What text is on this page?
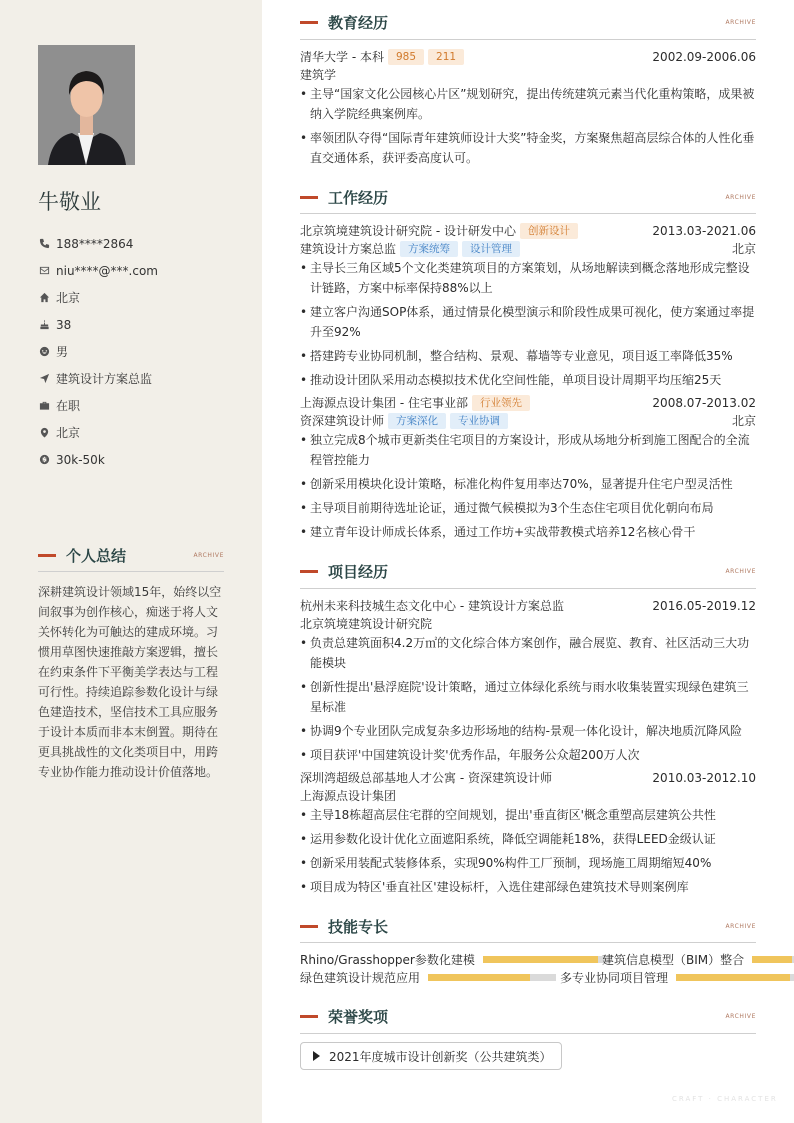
牛敬业
188****2864
niu****@***.com
北京
38
男
建筑设计方案总监
在职
北京
30k-50k
个人总结	ARCHIVE
深耕建筑设计领域15年，始终以空间叙事为创作核心，痴迷于将人文关怀转化为可触达的建成环境。习惯用草图快速推敲方案逻辑，擅长在约束条件下平衡美学表达与工程可行性。持续追踪参数化设计与绿色建造技术，坚信技术工具应服务于设计本质而非本末倒置。期待在更具挑战性的文化类项目中，用跨专业协作能力推动设计价值落地。
教育经历	ARCHIVE
清华大学 - 本科	985	211	2002.09-2006.06
建筑学
• 主导“国家文化公园核心片区”规划研究，提出传统建筑元素当代化重构策略，成果被纳入学院经典案例库。
• 率领团队夺得“国际青年建筑师设计大奖”特金奖，方案聚焦超高层综合体的人性化垂直交通体系，获评委高度认可。
工作经历	ARCHIVE
北京筑境建筑设计研究院 - 设计研发中心	创新设计	2013.03-2021.06
建筑设计方案总监	方案统筹	设计管理	北京
• 主导长三角区域5个文化类建筑项目的方案策划，从场地解读到概念落地形成完整设计链路，方案中标率保持88%以上
• 建立客户沟通SOP体系，通过情景化模型演示和阶段性成果可视化，使方案通过率提升至92%
• 搭建跨专业协同机制，整合结构、景观、幕墙等专业意见，项目返工率降低35%
• 推动设计团队采用动态模拟技术优化空间性能，单项目设计周期平均压缩25天
上海源点设计集团 - 住宅事业部	行业领先	2008.07-2013.02
资深建筑设计师	方案深化	专业协调	北京
• 独立完成8个城市更新类住宅项目的方案设计，形成从场地分析到施工图配合的全流程管控能力
• 创新采用模块化设计策略，标准化构件复用率达70%，显著提升住宅户型灵活性
• 主导项目前期待选址论证，通过微气候模拟为3个生态住宅项目优化朝向布局
• 建立青年设计师成长体系，通过工作坊+实战带教模式培养12名核心骨干
项目经历	ARCHIVE
杭州未来科技城生态文化中心 - 建筑设计方案总监	2016.05-2019.12
北京筑境建筑设计研究院
• 负责总建筑面积4.2万㎡的文化综合体方案创作，融合展览、教育、社区活动三大功能模块
• 创新性提出'悬浮庭院'设计策略，通过立体绿化系统与雨水收集装置实现绿色建筑三星标准
• 协调9个专业团队完成复杂多边形场地的结构-景观一体化设计，解决地质沉降风险
• 项目获评'中国建筑设计奖'优秀作品，年服务公众超200万人次
深圳湾超级总部基地人才公寓 - 资深建筑设计师	2010.03-2012.10
上海源点设计集团
• 主导18栋超高层住宅群的空间规划，提出'垂直街区'概念重塑高层建筑公共性
• 运用参数化设计优化立面遮阳系统，降低空调能耗18%，获得LEED金级认证
• 创新采用装配式装修体系，实现90%构件工厂预制，现场施工周期缩短40%
• 项目成为特区'垂直社区'建设标杆，入选住建部绿色建筑技术导则案例库
技能专长	ARCHIVE
Rhino/Grasshopper参数化建模	建筑信息模型（BIM）整合
绿色建筑设计规范应用	多专业协同项目管理
荣誉奖项	ARCHIVE
2021年度城市设计创新奖（公共建筑类）
CRAFT · CHARACTER
